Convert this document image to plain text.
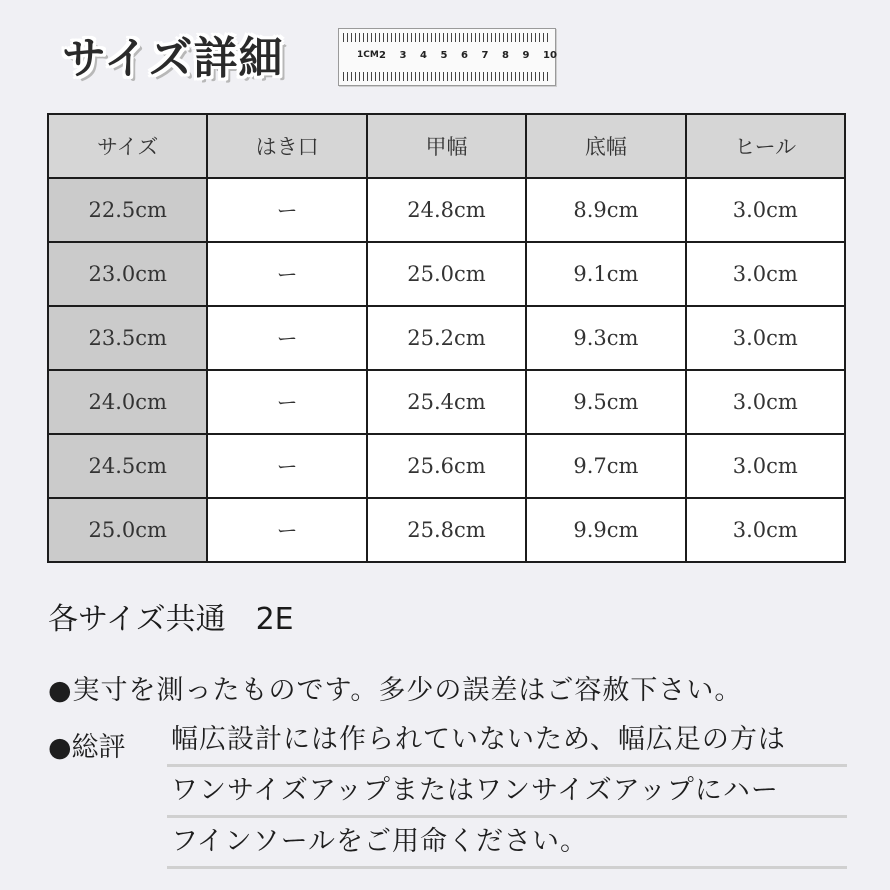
サイズ詳細	1CM 2	3	4	5	6	7	8	9	10
サイズ	はき口	甲幅	底幅	ヒール
22.5cm	ー	24.8cm	8.9cm	3.0cm
23.0cm	ー	25.0cm	9.1cm	3.0cm
23.5cm	ー	25.2cm	9.3cm	3.0cm
24.0cm	ー	25.4cm	9.5cm	3.0cm
24.5cm	ー	25.6cm	9.7cm	3.0cm
25.0cm	ー	25.8cm	9.9cm	3.0cm
各サイズ共通　2E
●実寸を測ったものです。多少の誤差はご容赦下さい。
●総評 幅広設計には作られていないため、幅広足の方は
ワンサイズアップまたはワンサイズアップにハー
フインソールをご用命ください。
